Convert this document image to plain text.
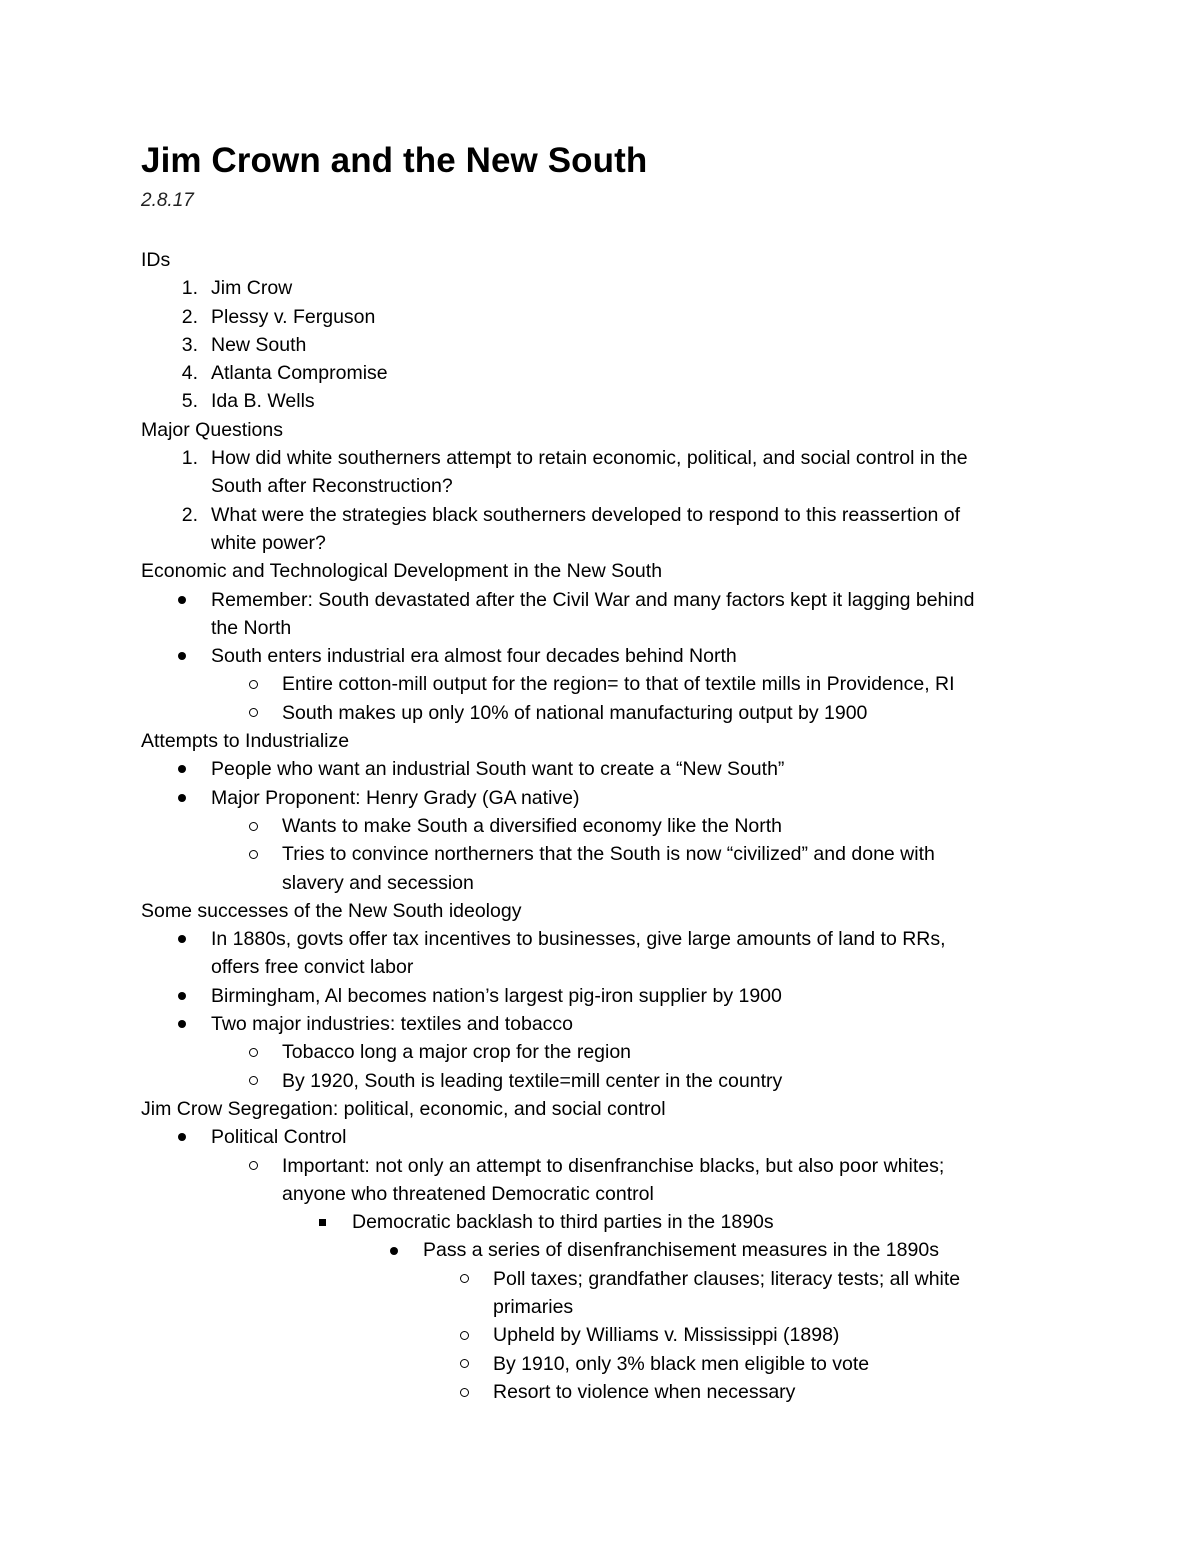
Jim Crown and the New South
2.8.17
IDs
1. Jim Crow
2. Plessy v. Ferguson
3. New South
4. Atlanta Compromise
5. Ida B. Wells
Major Questions
1. How did white southerners attempt to retain economic, political, and social control in the
South after Reconstruction?
2. What were the strategies black southerners developed to respond to this reassertion of
white power?
Economic and Technological Development in the New South
Remember: South devastated after the Civil War and many factors kept it lagging behind
the North
South enters industrial era almost four decades behind North
Entire cotton-mill output for the region= to that of textile mills in Providence, RI
South makes up only 10% of national manufacturing output by 1900
Attempts to Industrialize
People who want an industrial South want to create a “New South”
Major Proponent: Henry Grady (GA native)
Wants to make South a diversified economy like the North
Tries to convince northerners that the South is now “civilized” and done with
slavery and secession
Some successes of the New South ideology
In 1880s, govts offer tax incentives to businesses, give large amounts of land to RRs,
offers free convict labor
Birmingham, Al becomes nation’s largest pig-iron supplier by 1900
Two major industries: textiles and tobacco
Tobacco long a major crop for the region
By 1920, South is leading textile=mill center in the country
Jim Crow Segregation: political, economic, and social control
Political Control
Important: not only an attempt to disenfranchise blacks, but also poor whites;
anyone who threatened Democratic control
Democratic backlash to third parties in the 1890s
Pass a series of disenfranchisement measures in the 1890s
Poll taxes; grandfather clauses; literacy tests; all white
primaries
Upheld by Williams v. Mississippi (1898)
By 1910, only 3% black men eligible to vote
Resort to violence when necessary
